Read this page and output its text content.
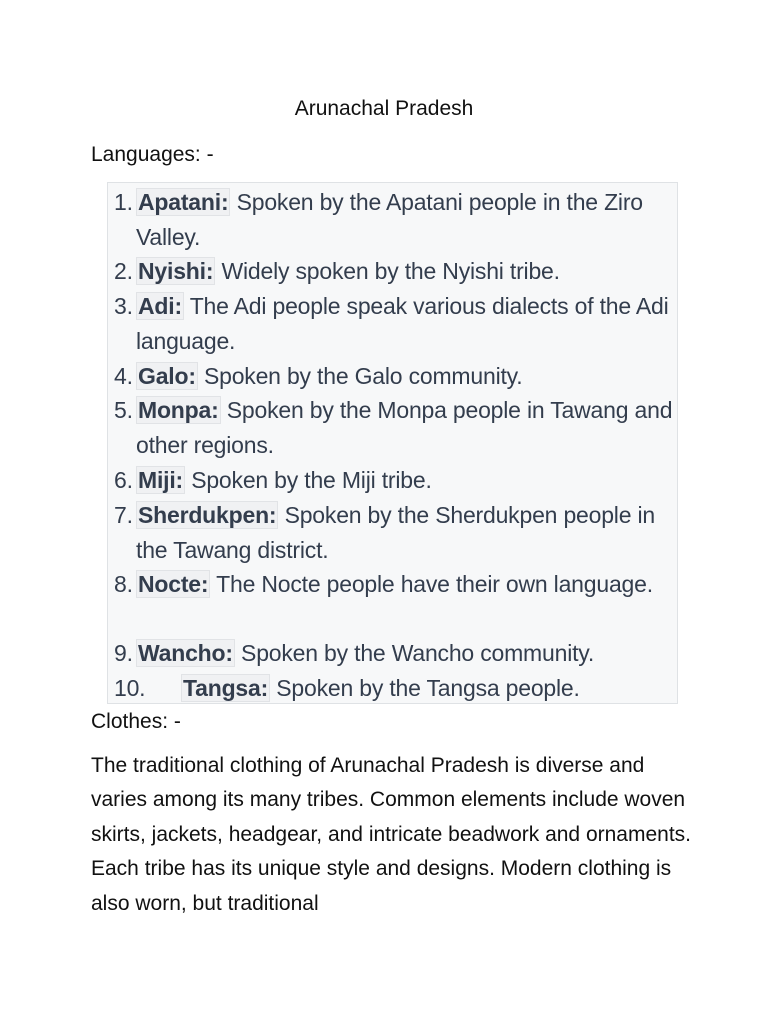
Arunachal Pradesh
Languages: -
1. Apatani: Spoken by the Apatani people in the Ziro Valley.
2. Nyishi: Widely spoken by the Nyishi tribe.
3. Adi: The Adi people speak various dialects of the Adi language.
4. Galo: Spoken by the Galo community.
5. Monpa: Spoken by the Monpa people in Tawang and other regions.
6. Miji: Spoken by the Miji tribe.
7. Sherdukpen: Spoken by the Sherdukpen people in the Tawang district.
8. Nocte: The Nocte people have their own language.
9. Wancho: Spoken by the Wancho community.
10. Tangsa: Spoken by the Tangsa people.
Clothes: -
The traditional clothing of Arunachal Pradesh is diverse and varies among its many tribes. Common elements include woven skirts, jackets, headgear, and intricate beadwork and ornaments. Each tribe has its unique style and designs. Modern clothing is also worn, but traditional
